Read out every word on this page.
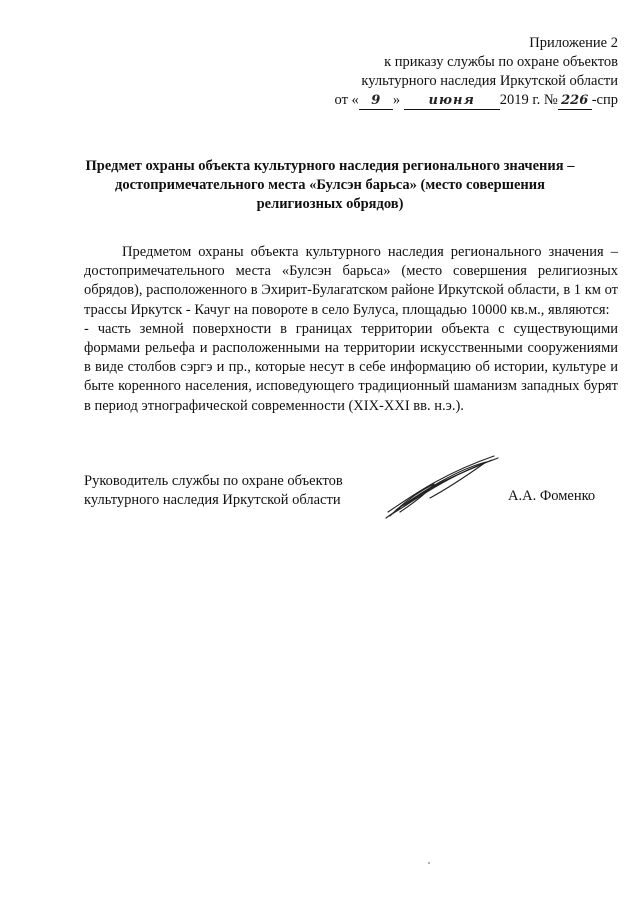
Приложение 2
к приказу службы по охране объектов
культурного наследия Иркутской области
от « 9 » июня 2019 г. № 226 -спр
Предмет охраны объекта культурного наследия регионального значения –
достопримечательного места «Булсэн барьса» (место совершения
религиозных обрядов)

Предметом охраны объекта культурного наследия регионального значения – достопримечательного места «Булсэн барьса» (место совершения религиозных обрядов), расположенного в Эхирит-Булагатском районе Иркутской области, в 1 км от трассы Иркутск - Качуг на повороте в село Булуса, площадью 10000 кв.м., являются:

- часть земной поверхности в границах территории объекта с существующими формами рельефа и расположенными на территории искусственными сооружениями в виде столбов сэргэ и пр., которые несут в себе информацию об истории, культуре и быте коренного населения, исповедующего традиционный шаманизм западных бурят в период этнографической современности (XIX-XXI вв. н.э.).

Руководитель службы по охране объектов
культурного наследия Иркутской области	А.А. Фоменко
